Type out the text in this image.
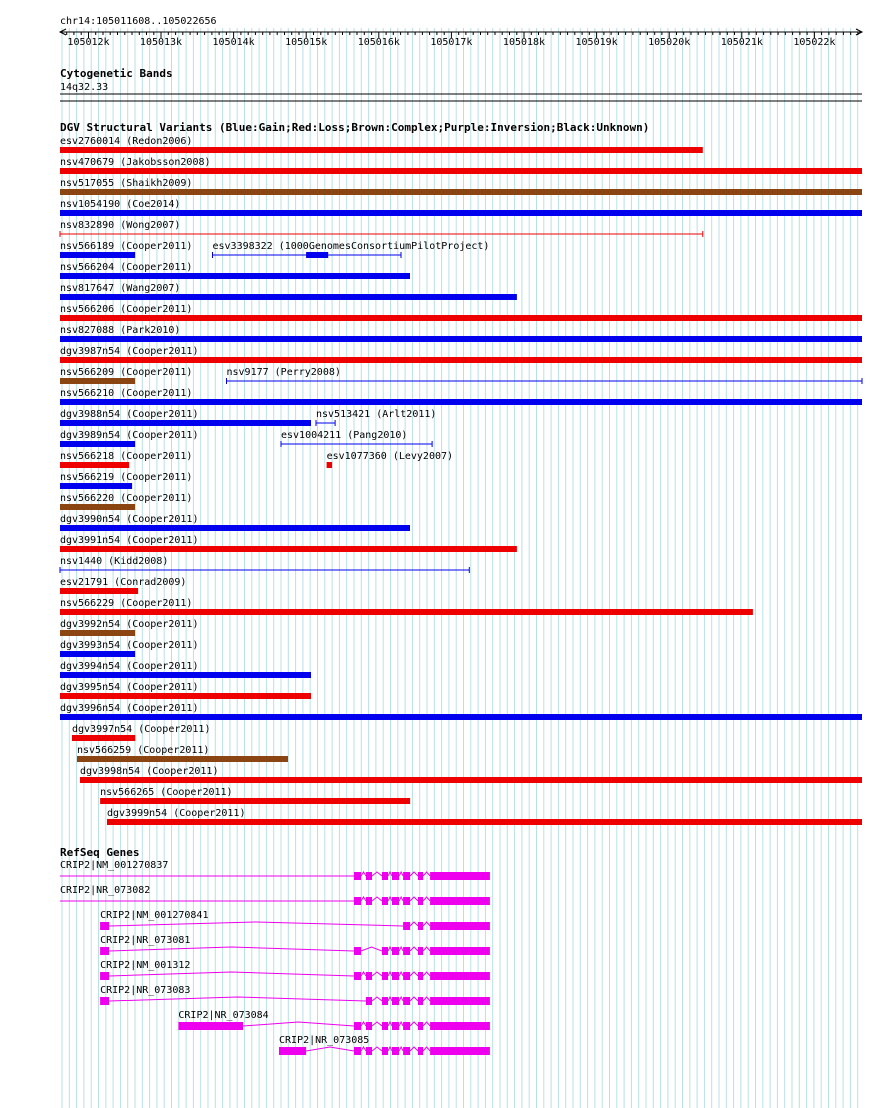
chr14:105011608..105022656
105012k	105013k	105014k	105015k	105016k	105017k	105018k	105019k	105020k	105021k	105022k
Cytogenetic Bands
14q32.33
DGV Structural Variants (Blue:Gain;Red:Loss;Brown:Complex;Purple:Inversion;Black:Unknown)
esv2760014 (Redon2006)
nsv470679 (Jakobsson2008)
nsv517055 (Shaikh2009)
nsv1054190 (Coe2014)
nsv832890 (Wong2007)
nsv566189 (Cooper2011) esv3398322 (1000GenomesConsortiumPilotProject)
nsv566204 (Cooper2011)
nsv817647 (Wang2007)
nsv566206 (Cooper2011)
nsv827088 (Park2010)
dgv3987n54 (Cooper2011)
nsv566209 (Cooper2011)	nsv9177 (Perry2008)
nsv566210 (Cooper2011)
dgv3988n54 (Cooper2011)	nsv513421 (Arlt2011)
dgv3989n54 (Cooper2011)	esv1004211 (Pang2010)
nsv566218 (Cooper2011)	esv1077360 (Levy2007)
nsv566219 (Cooper2011)
nsv566220 (Cooper2011)
dgv3990n54 (Cooper2011)
dgv3991n54 (Cooper2011)
nsv1440 (Kidd2008)
esv21791 (Conrad2009)
nsv566229 (Cooper2011)
dgv3992n54 (Cooper2011)
dgv3993n54 (Cooper2011)
dgv3994n54 (Cooper2011)
dgv3995n54 (Cooper2011)
dgv3996n54 (Cooper2011)
dgv3997n54 (Cooper2011)
nsv566259 (Cooper2011)
dgv3998n54 (Cooper2011)
nsv566265 (Cooper2011)
dgv3999n54 (Cooper2011)
RefSeq Genes
CRIP2|NM_001270837
CRIP2|NR_073082
CRIP2|NM_001270841
CRIP2|NR_073081
CRIP2|NM_001312
CRIP2|NR_073083
CRIP2|NR_073084
CRIP2|NR_073085
